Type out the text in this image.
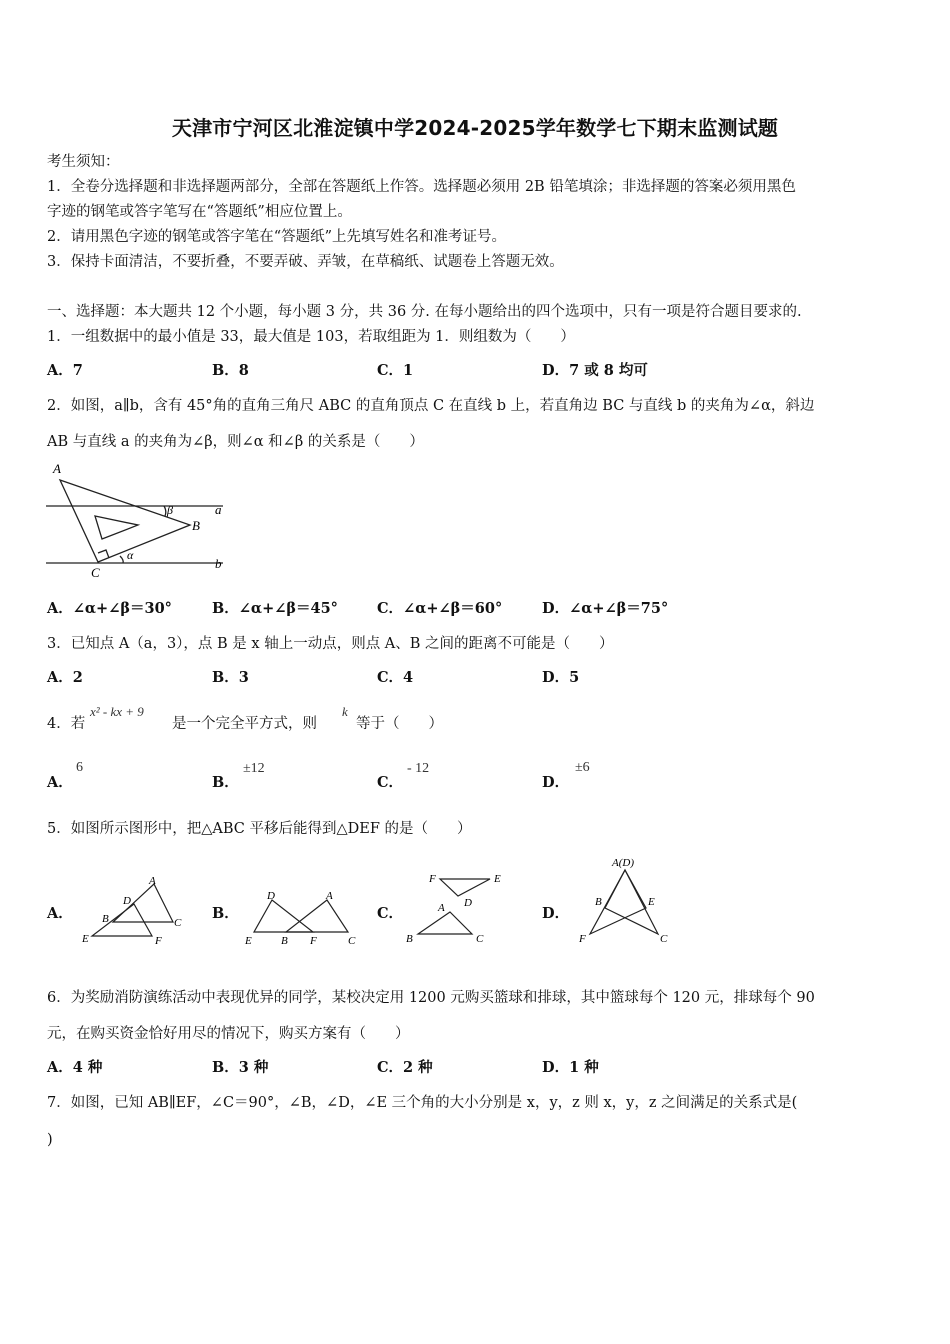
天津市宁河区北淮淀镇中学2024-2025学年数学七下期末监测试题
考生须知：
1．全卷分选择题和非选择题两部分，全部在答题纸上作答。选择题必须用 2B 铅笔填涂；非选择题的答案必须用黑色
字迹的钢笔或答字笔写在“答题纸”相应位置上。
2．请用黑色字迹的钢笔或答字笔在“答题纸”上先填写姓名和准考证号。
3．保持卡面清洁，不要折叠，不要弄破、弄皱，在草稿纸、试题卷上答题无效。
一、选择题：本大题共 12 个小题，每小题 3 分，共 36 分. 在每小题给出的四个选项中，只有一项是符合题目要求的.
1．一组数据中的最小值是 33，最大值是 103，若取组距为 1．则组数为（　　）
A．7	B．8	C．1	D．7 或 8 均可
2．如图，a∥b，含有 45°角的直角三角尺 ABC 的直角顶点 C 在直线 b 上，若直角边 BC 与直线 b 的夹角为∠α，斜边
AB 与直线 a 的夹角为∠β，则∠α 和∠β 的关系是（　　）
A
B
C
a
b
α
β
A．∠α+∠β＝30°	B．∠α+∠β＝45°	C．∠α+∠β＝60°	D．∠α+∠β＝75°
3．已知点 A（a，3），点 B 是 x 轴上一动点，则点 A、B 之间的距离不可能是（　　）
A．2	B．3	C．4	D．5
4．若
x² - kx + 9
是一个完全平方式，则
k
等于（　　）
A．
6
B．
±12
C．
- 12
D．
±6
5．如图所示图形中，把△ABC 平移后能得到△DEF 的是（　　）
A．
A
B	C
D
E	F
B．
D	A
E	B F	C
C．
F	E
D
A
B	C
D．
A(D)
B	E
F	C
6．为奖励消防演练活动中表现优异的同学，某校决定用 1200 元购买篮球和排球，其中篮球每个 120 元，排球每个 90
元，在购买资金恰好用尽的情况下，购买方案有（　　）
A．4 种	B．3 种	C．2 种	D．1 种
7．如图，已知 AB∥EF，∠C＝90°，∠B，∠D，∠E 三个角的大小分别是 x，y，z 则 x，y，z 之间满足的关系式是(
)
